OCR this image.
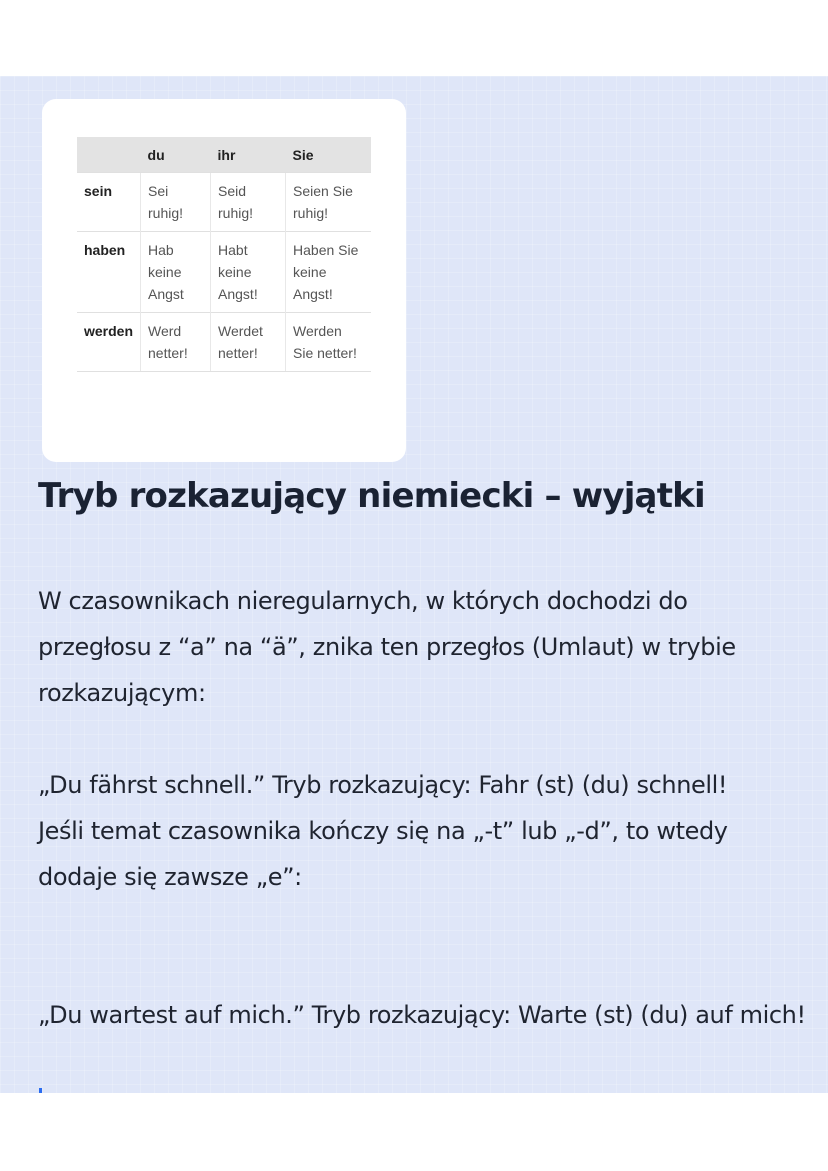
	du	ihr	Sie
sein	Sei ruhig!	Seid ruhig!	Seien Sie ruhig!
haben	Hab keine Angst	Habt keine Angst!	Haben Sie keine Angst!
werden	Werd netter!	Werdet netter!	Werden Sie netter!
Tryb rozkazujący niemiecki – wyjątki

W czasownikach nieregularnych, w których dochodzi do przegłosu z “a” na “ä”, znika ten przegłos (Umlaut) w trybie rozkazującym:

„Du fährst schnell.” Tryb rozkazujący: Fahr (st) (du) schnell!
Jeśli temat czasownika kończy się na „-t” lub „-d”, to wtedy dodaje się zawsze „e”:

„Du wartest auf mich.” Tryb rozkazujący: Warte (st) (du) auf mich!
